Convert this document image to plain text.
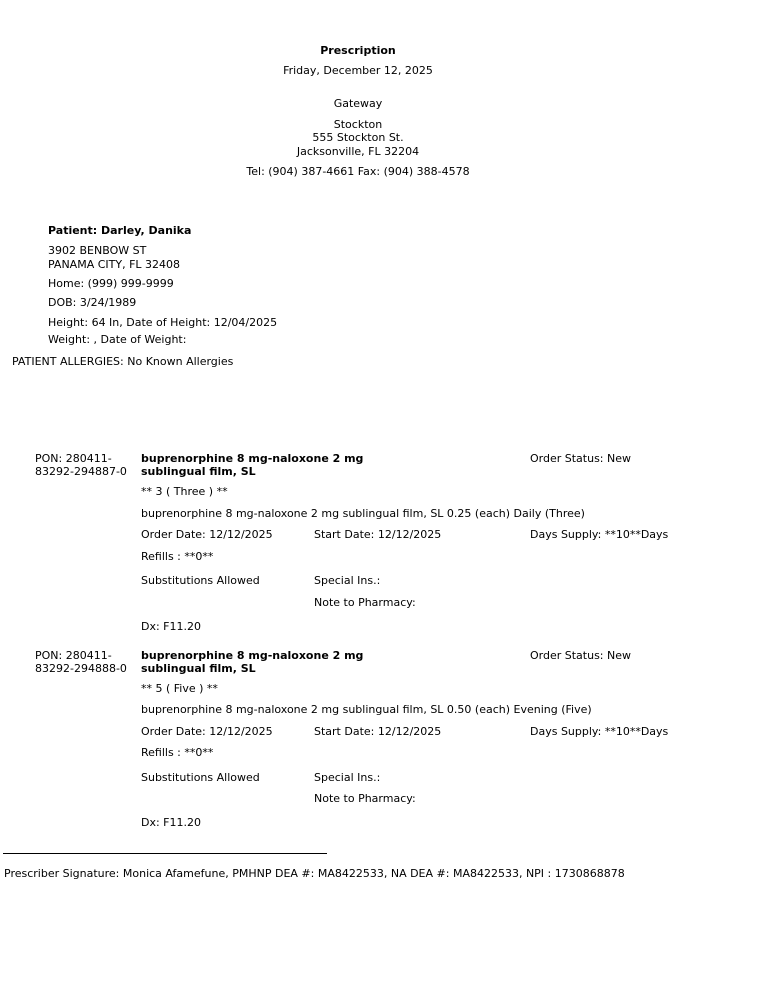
Prescription
Friday, December 12, 2025
Gateway
Stockton
555 Stockton St.
Jacksonville, FL 32204
Tel: (904) 387-4661 Fax: (904) 388-4578
Patient: Darley, Danika
3902 BENBOW ST
PANAMA CITY, FL 32408
Home: (999) 999-9999
DOB: 3/24/1989
Height: 64 In, Date of Height: 12/04/2025
Weight: , Date of Weight:
PATIENT ALLERGIES: No Known Allergies
PON: 280411-
83292-294887-0
buprenorphine 8 mg-naloxone 2 mg
sublingual film, SL
Order Status: New
** 3 ( Three ) **
buprenorphine 8 mg-naloxone 2 mg sublingual film, SL 0.25 (each) Daily (Three)
Order Date: 12/12/2025	Start Date: 12/12/2025	Days Supply: **10**Days
Refills : **0**
Substitutions Allowed	Special Ins.:
Note to Pharmacy:
Dx: F11.20
PON: 280411-
83292-294888-0
buprenorphine 8 mg-naloxone 2 mg
sublingual film, SL
Order Status: New
** 5 ( Five ) **
buprenorphine 8 mg-naloxone 2 mg sublingual film, SL 0.50 (each) Evening (Five)
Order Date: 12/12/2025	Start Date: 12/12/2025	Days Supply: **10**Days
Refills : **0**
Substitutions Allowed	Special Ins.:
Note to Pharmacy:
Dx: F11.20
Prescriber Signature: Monica Afamefune, PMHNP DEA #: MA8422533, NA DEA #: MA8422533, NPI : 1730868878
